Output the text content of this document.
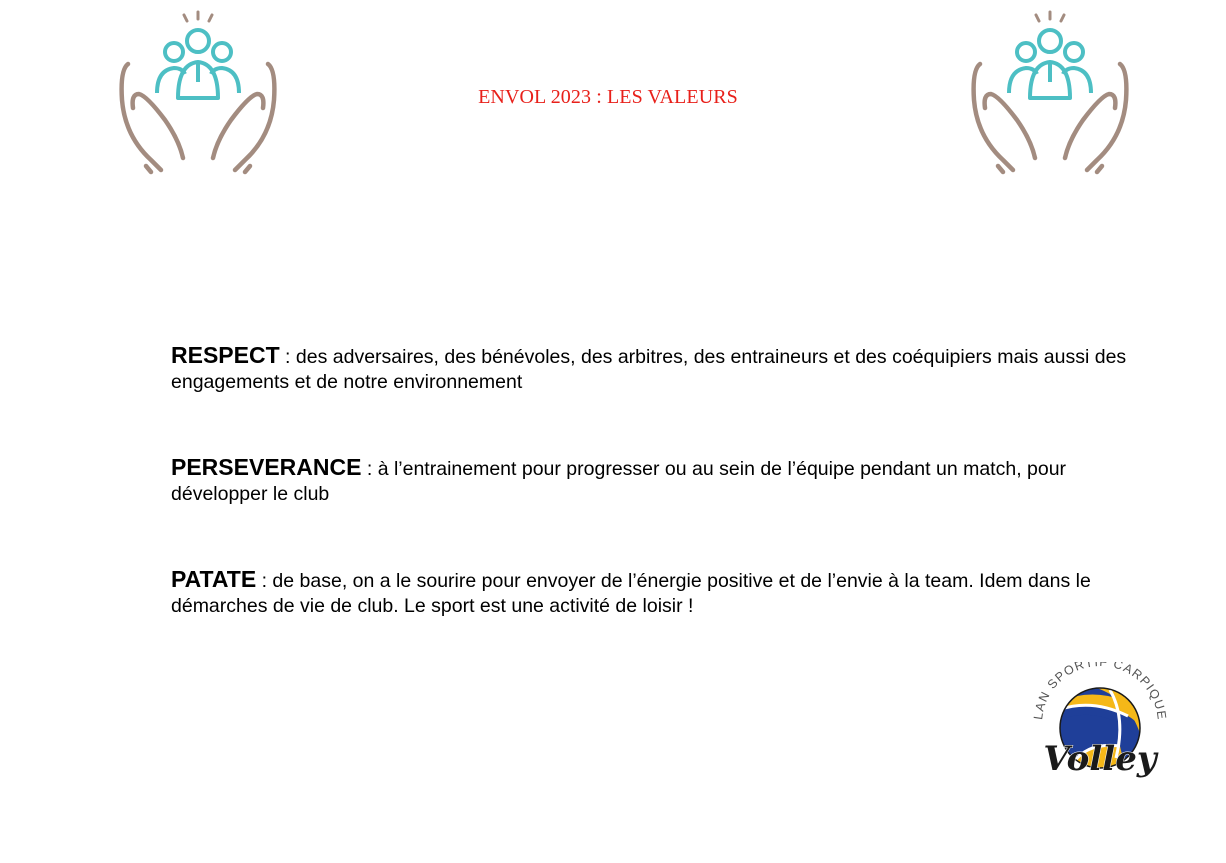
ENVOL 2023 : LES VALEURS

RESPECT : des adversaires, des bénévoles, des arbitres, des entraineurs et des coéquipiers mais aussi des engagements et de notre environnement

PERSEVERANCE : à l’entrainement pour progresser ou au sein de l’équipe pendant un match, pour développer le club

PATATE : de base, on a le sourire pour envoyer de l’énergie positive et de l’envie à la team. Idem dans le démarches de vie de club. Le sport est une activité de loisir !

LAN SPORTIF CARPIQUE
Volley
